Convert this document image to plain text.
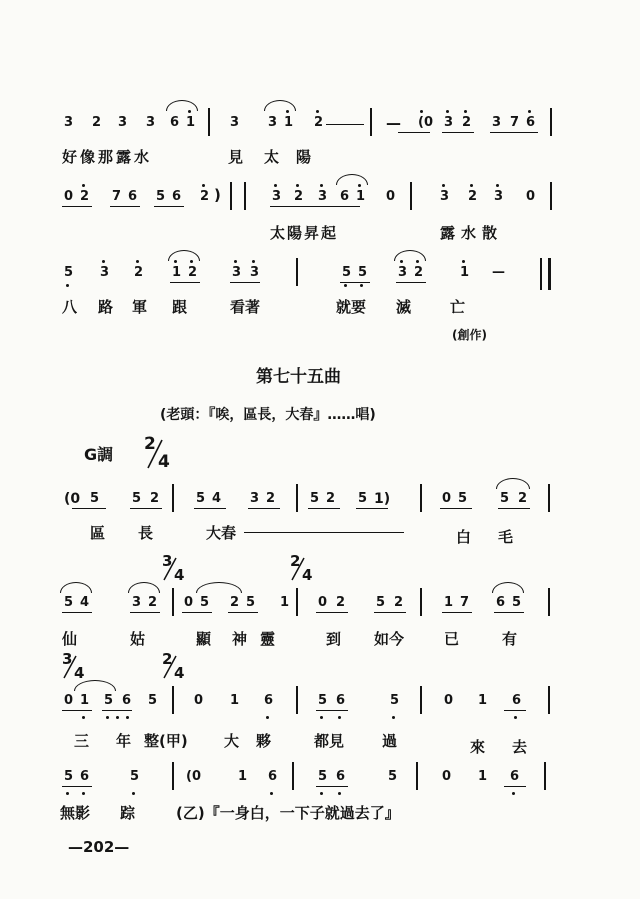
3 2 3 3 6 1	3 3 1 2	— (0 3 2 3 7 6
好像那露水	見 太 陽
0 2 7 6 5 6 2 )	3 2 3 6 1 0	3 2 3 0
太陽昇起	露水散
5 3 2 1 2	3 3	5 5 3 2	1 —
八 路 軍 跟	看著	就要 滅	亡
(創作)
第七十五曲
(老頭：『唉，區長，大春』……唱)
G調
2
4
(0 5	5 2	5 4 3 2	5 2 5 1)	0 5	5 2
區 長	大春	白 毛
3
4
2
4
5 4	3 2 0 5 2 5 1 0 2 5 2	1 7 6 5
仙	姑	顯 神 靈	到 如今	已	有
3
4
2
4
0 1 5 6 5	0 1 6	5 6	5	0 1 6
三 年 整(甲) 大 夥	都見	過	來 去
5 6	5	(0	1 6	5 6	5	0 1 6
無影 踪	(乙)『一身白，一下子就過去了』
—202—
